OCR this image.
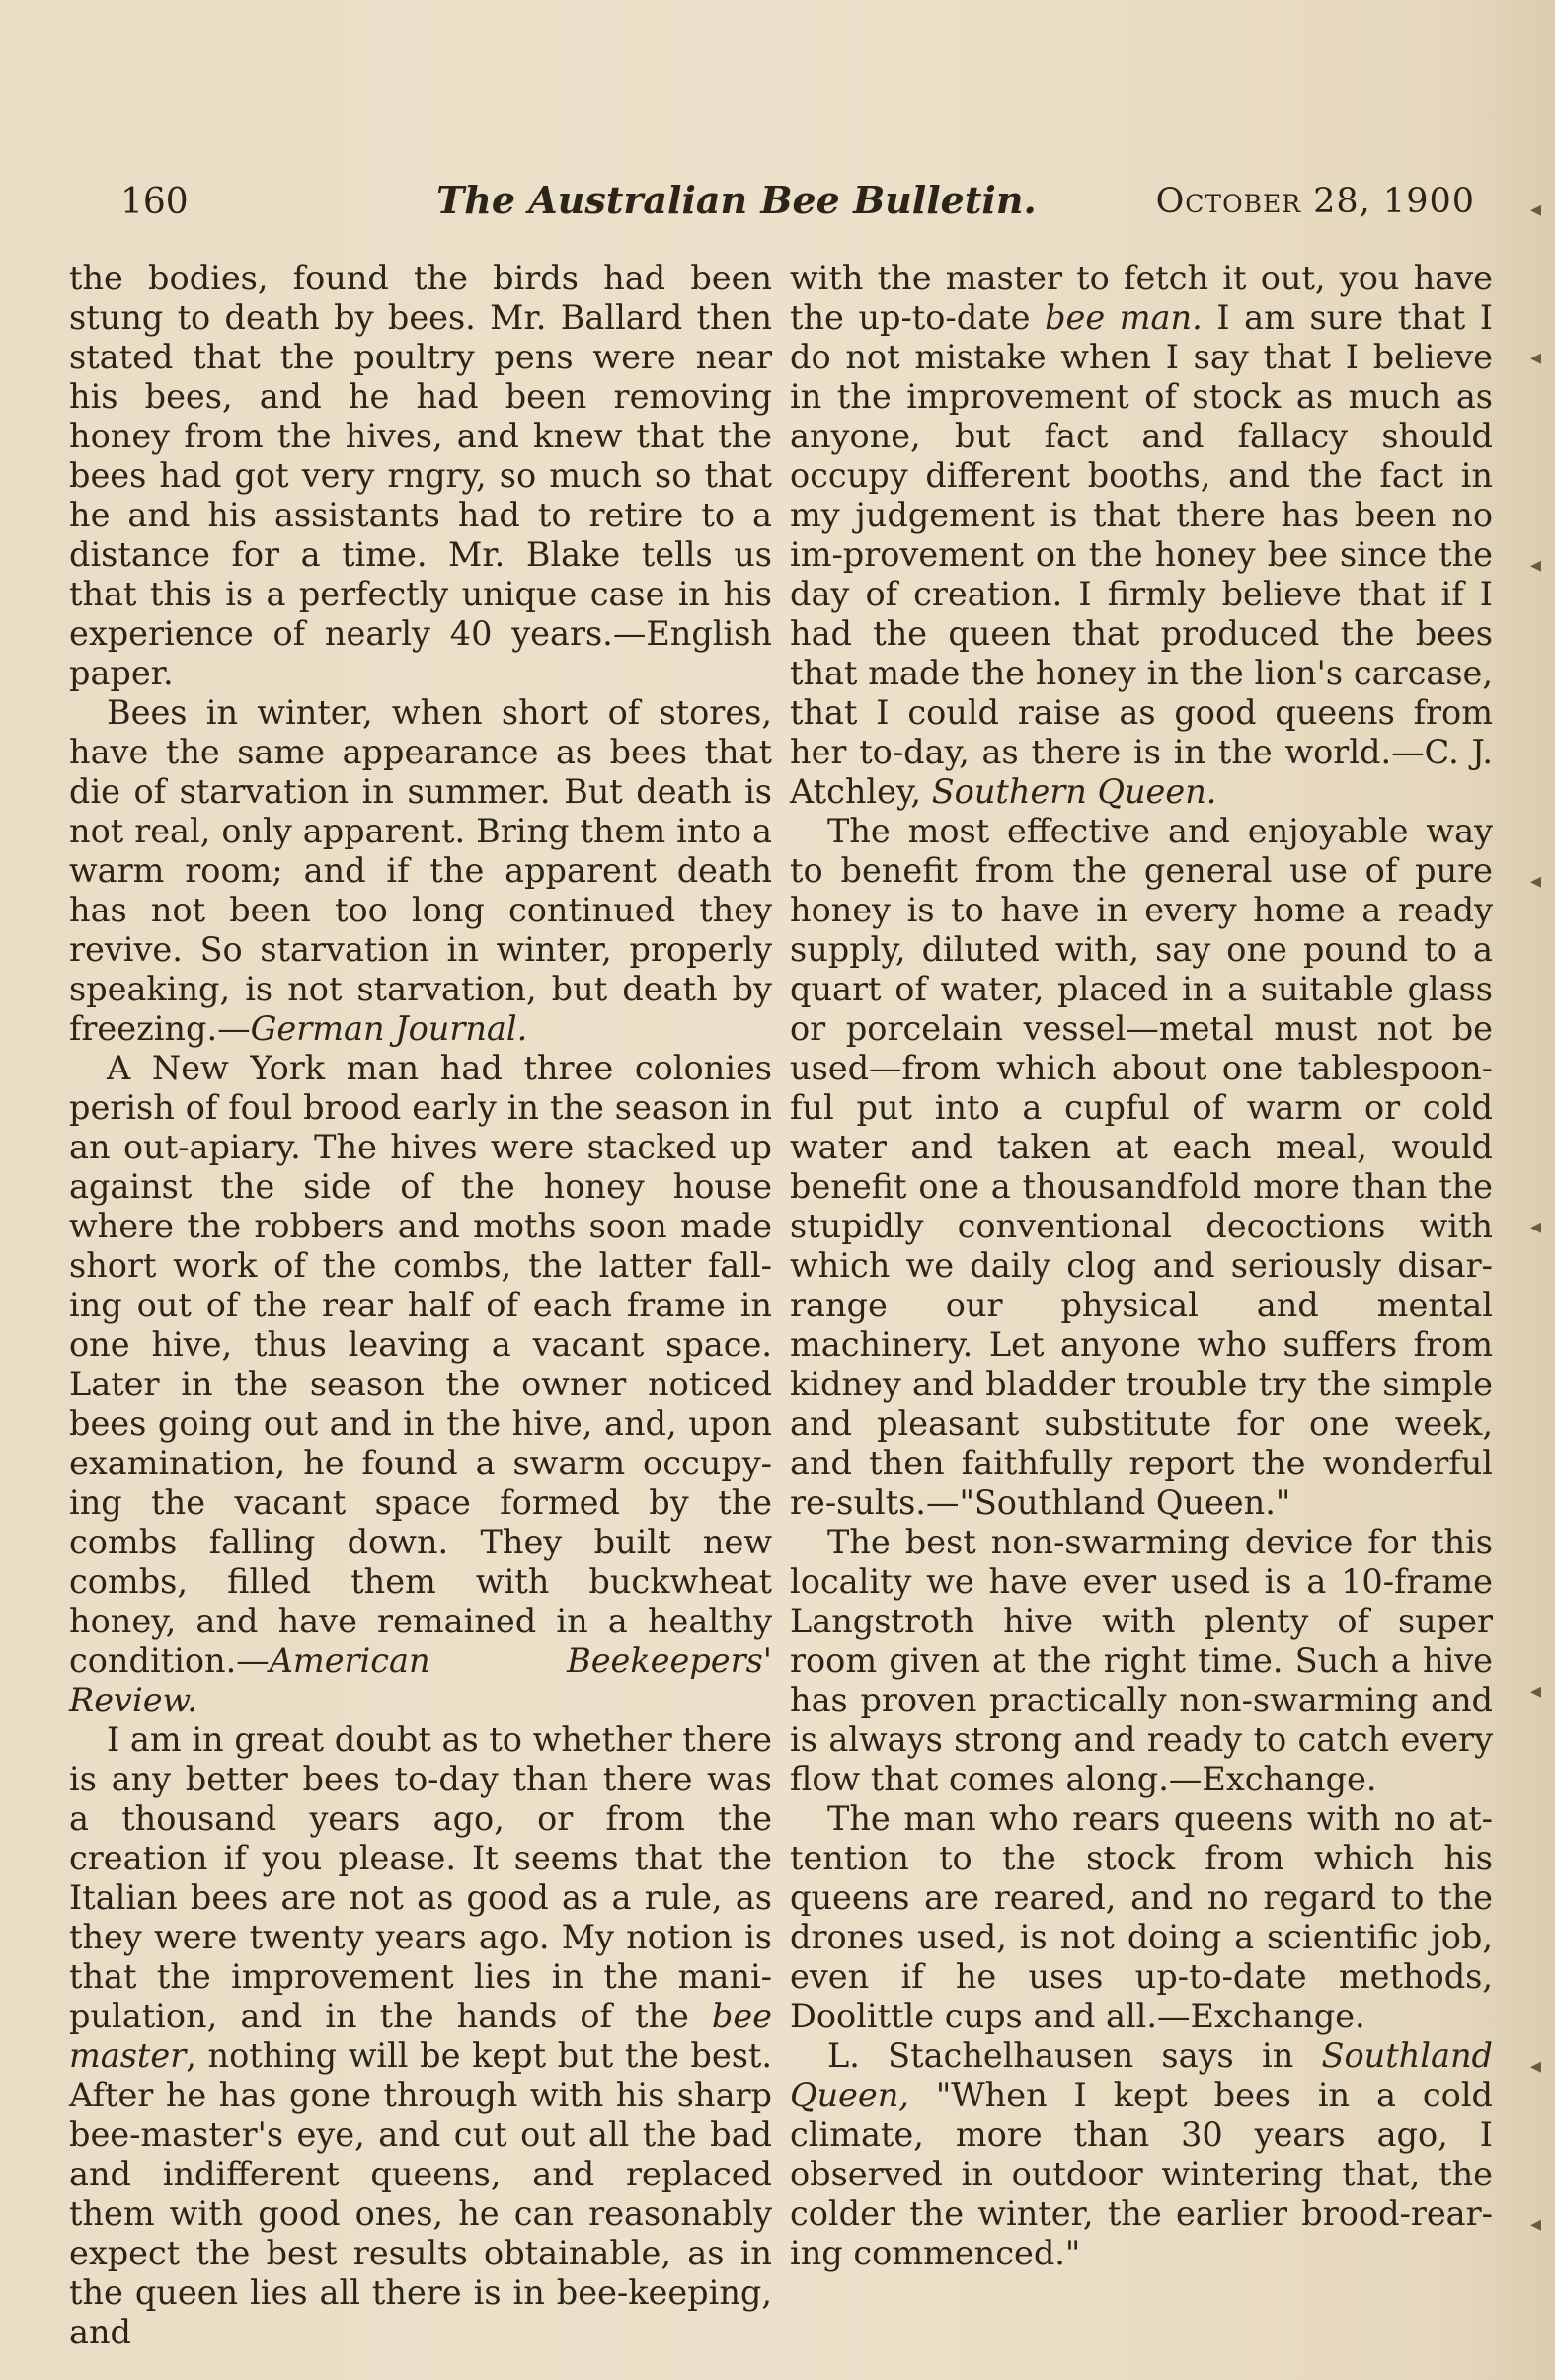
160	The Australian Bee Bulletin.	October 28, 1900

the bodies, found the birds had been stung to death by bees. Mr. Ballard then stated that the poultry pens were near his bees, and he had been removing honey from the hives, and knew that the bees had got very rngry, so much so that he and his assistants had to retire to a distance for a time. Mr. Blake tells us that this is a perfectly unique case in his experience of nearly 40 years.—English paper.

Bees in winter, when short of stores, have the same appearance as bees that die of starvation in summer. But death is not real, only apparent. Bring them into a warm room; and if the apparent death has not been too long continued they revive. So starvation in winter, properly speaking, is not starvation, but death by freezing.—German Journal.

A New York man had three colonies perish of foul brood early in the season in an out-apiary. The hives were stacked up against the side of the honey house where the robbers and moths soon made short work of the combs, the latter fall-ing out of the rear half of each frame in one hive, thus leaving a vacant space. Later in the season the owner noticed bees going out and in the hive, and, upon examination, he found a swarm occupy-ing the vacant space formed by the combs falling down. They built new combs, filled them with buckwheat honey, and have remained in a healthy condition.—American Beekeepers' Review.

I am in great doubt as to whether there is any better bees to-day than there was a thousand years ago, or from the creation if you please. It seems that the Italian bees are not as good as a rule, as they were twenty years ago. My notion is that the improvement lies in the mani-pulation, and in the hands of the bee master, nothing will be kept but the best. After he has gone through with his sharp bee-master's eye, and cut out all the bad and indifferent queens, and replaced them with good ones, he can reasonably expect the best results obtainable, as in the queen lies all there is in bee-keeping, and

with the master to fetch it out, you have the up-to-date bee man. I am sure that I do not mistake when I say that I believe in the improvement of stock as much as anyone, but fact and fallacy should occupy different booths, and the fact in my judgement is that there has been no im-provement on the honey bee since the day of creation. I firmly believe that if I had the queen that produced the bees that made the honey in the lion's carcase, that I could raise as good queens from her to-day, as there is in the world.—C. J. Atchley, Southern Queen.

The most effective and enjoyable way to benefit from the general use of pure honey is to have in every home a ready supply, diluted with, say one pound to a quart of water, placed in a suitable glass or porcelain vessel—metal must not be used—from which about one tablespoon-ful put into a cupful of warm or cold water and taken at each meal, would benefit one a thousandfold more than the stupidly conventional decoctions with which we daily clog and seriously disar-range our physical and mental machinery. Let anyone who suffers from kidney and bladder trouble try the simple and pleasant substitute for one week, and then faithfully report the wonderful re-sults.—"Southland Queen."

The best non-swarming device for this locality we have ever used is a 10-frame Langstroth hive with plenty of super room given at the right time. Such a hive has proven practically non-swarming and is always strong and ready to catch every flow that comes along.—Exchange.

The man who rears queens with no at-tention to the stock from which his queens are reared, and no regard to the drones used, is not doing a scientific job, even if he uses up-to-date methods, Doolittle cups and all.—Exchange.

L. Stachelhausen says in Southland Queen, "When I kept bees in a cold climate, more than 30 years ago, I observed in outdoor wintering that, the colder the winter, the earlier brood-rear-ing commenced."

◂
◂
◂
◂
◂
◂
◂
◂
